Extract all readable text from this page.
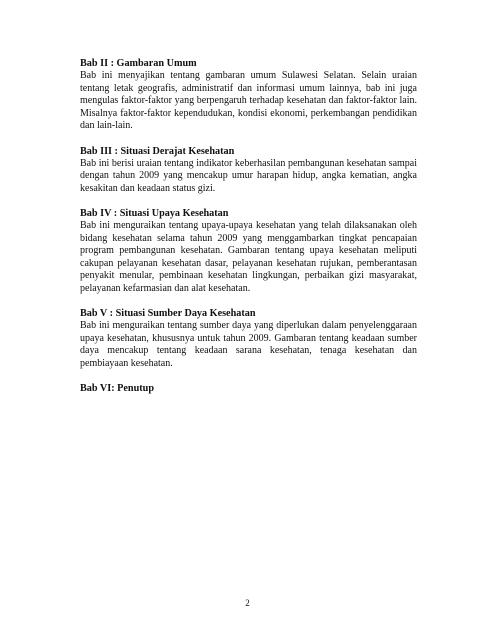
Bab II : Gambaran Umum

Bab ini menyajikan tentang gambaran umum Sulawesi Selatan. Selain uraian tentang letak geografis, administratif dan informasi umum lainnya, bab ini juga mengulas faktor-faktor yang berpengaruh terhadap kesehatan dan faktor-faktor lain. Misalnya faktor-faktor kependudukan, kondisi ekonomi, perkembangan pendidikan dan lain-lain.

Bab III : Situasi Derajat Kesehatan

Bab ini berisi uraian tentang indikator keberhasilan pembangunan kesehatan sampai dengan tahun 2009 yang mencakup umur harapan hidup, angka kematian, angka kesakitan dan keadaan status gizi.

Bab IV : Situasi Upaya Kesehatan

Bab ini menguraikan tentang upaya-upaya kesehatan yang telah dilaksanakan oleh bidang kesehatan selama tahun 2009 yang menggambarkan tingkat pencapaian program pembangunan kesehatan. Gambaran tentang upaya kesehatan meliputi cakupan pelayanan kesehatan dasar, pelayanan kesehatan rujukan, pemberantasan penyakit menular, pembinaan kesehatan lingkungan, perbaikan gizi masyarakat, pelayanan kefarmasian dan alat kesehatan.

Bab V : Situasi Sumber Daya Kesehatan

Bab ini menguraikan tentang sumber daya yang diperlukan dalam penyelenggaraan upaya kesehatan, khususnya untuk tahun 2009. Gambaran tentang keadaan sumber daya mencakup tentang keadaan sarana kesehatan, tenaga kesehatan dan pembiayaan kesehatan.

Bab VI: Penutup

2
